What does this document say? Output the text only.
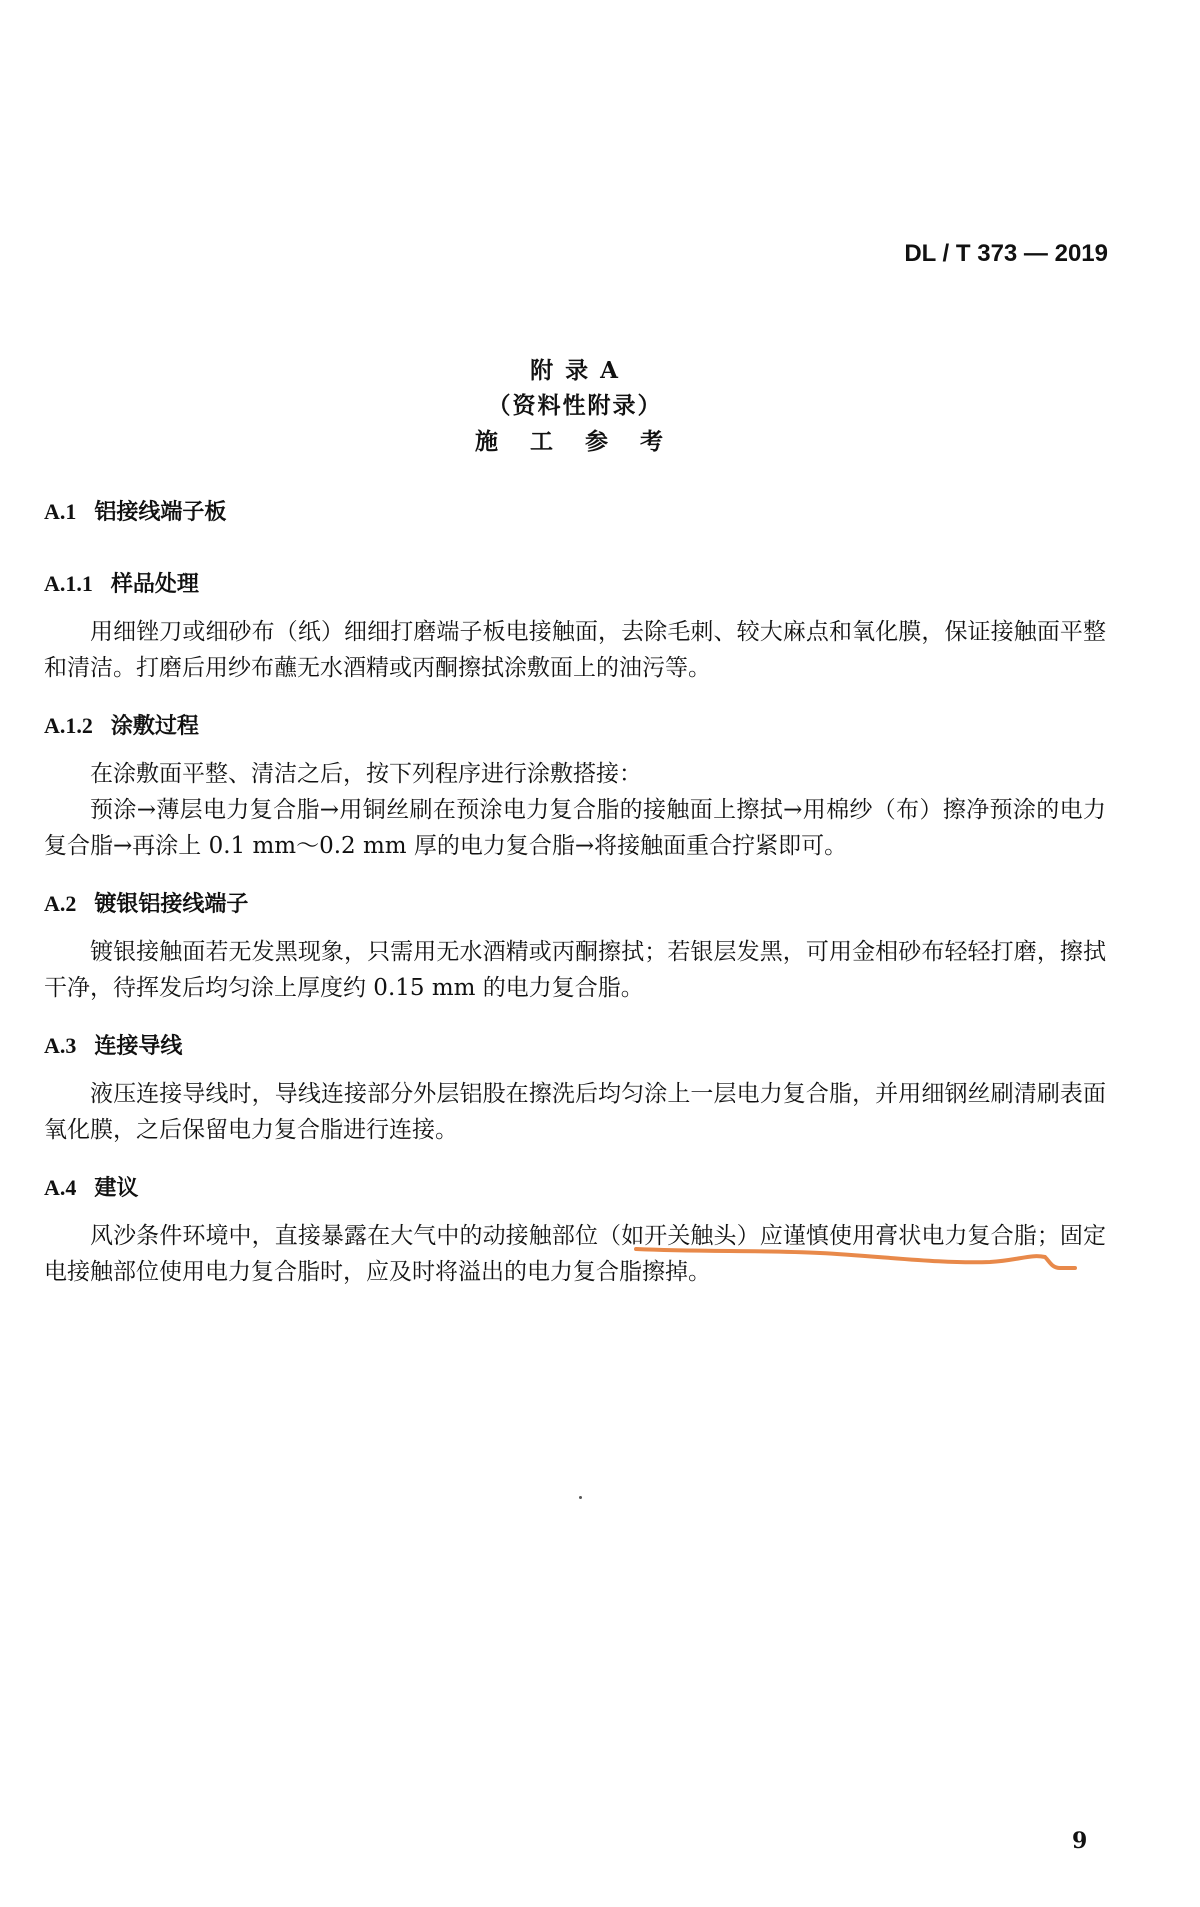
DL / T 373 — 2019
附 录 A
（资料性附录）
施 工 参 考
A.1 铝接线端子板
A.1.1 样品处理
用细锉刀或细砂布（纸）细细打磨端子板电接触面，去除毛刺、较大麻点和氧化膜，保证接触面平整和清洁。打磨后用纱布蘸无水酒精或丙酮擦拭涂敷面上的油污等。
A.1.2 涂敷过程
在涂敷面平整、清洁之后，按下列程序进行涂敷搭接：
预涂→薄层电力复合脂→用铜丝刷在预涂电力复合脂的接触面上擦拭→用棉纱（布）擦净预涂的电力复合脂→再涂上 0.1 mm～0.2 mm 厚的电力复合脂→将接触面重合拧紧即可。
A.2 镀银铝接线端子
镀银接触面若无发黑现象，只需用无水酒精或丙酮擦拭；若银层发黑，可用金相砂布轻轻打磨，擦拭干净，待挥发后均匀涂上厚度约 0.15 mm 的电力复合脂。
A.3 连接导线
液压连接导线时，导线连接部分外层铝股在擦洗后均匀涂上一层电力复合脂，并用细钢丝刷清刷表面氧化膜，之后保留电力复合脂进行连接。
A.4 建议
风沙条件环境中，直接暴露在大气中的动接触部位（如开关触头）应谨慎使用膏状电力复合脂；固定电接触部位使用电力复合脂时，应及时将溢出的电力复合脂擦掉。
9
